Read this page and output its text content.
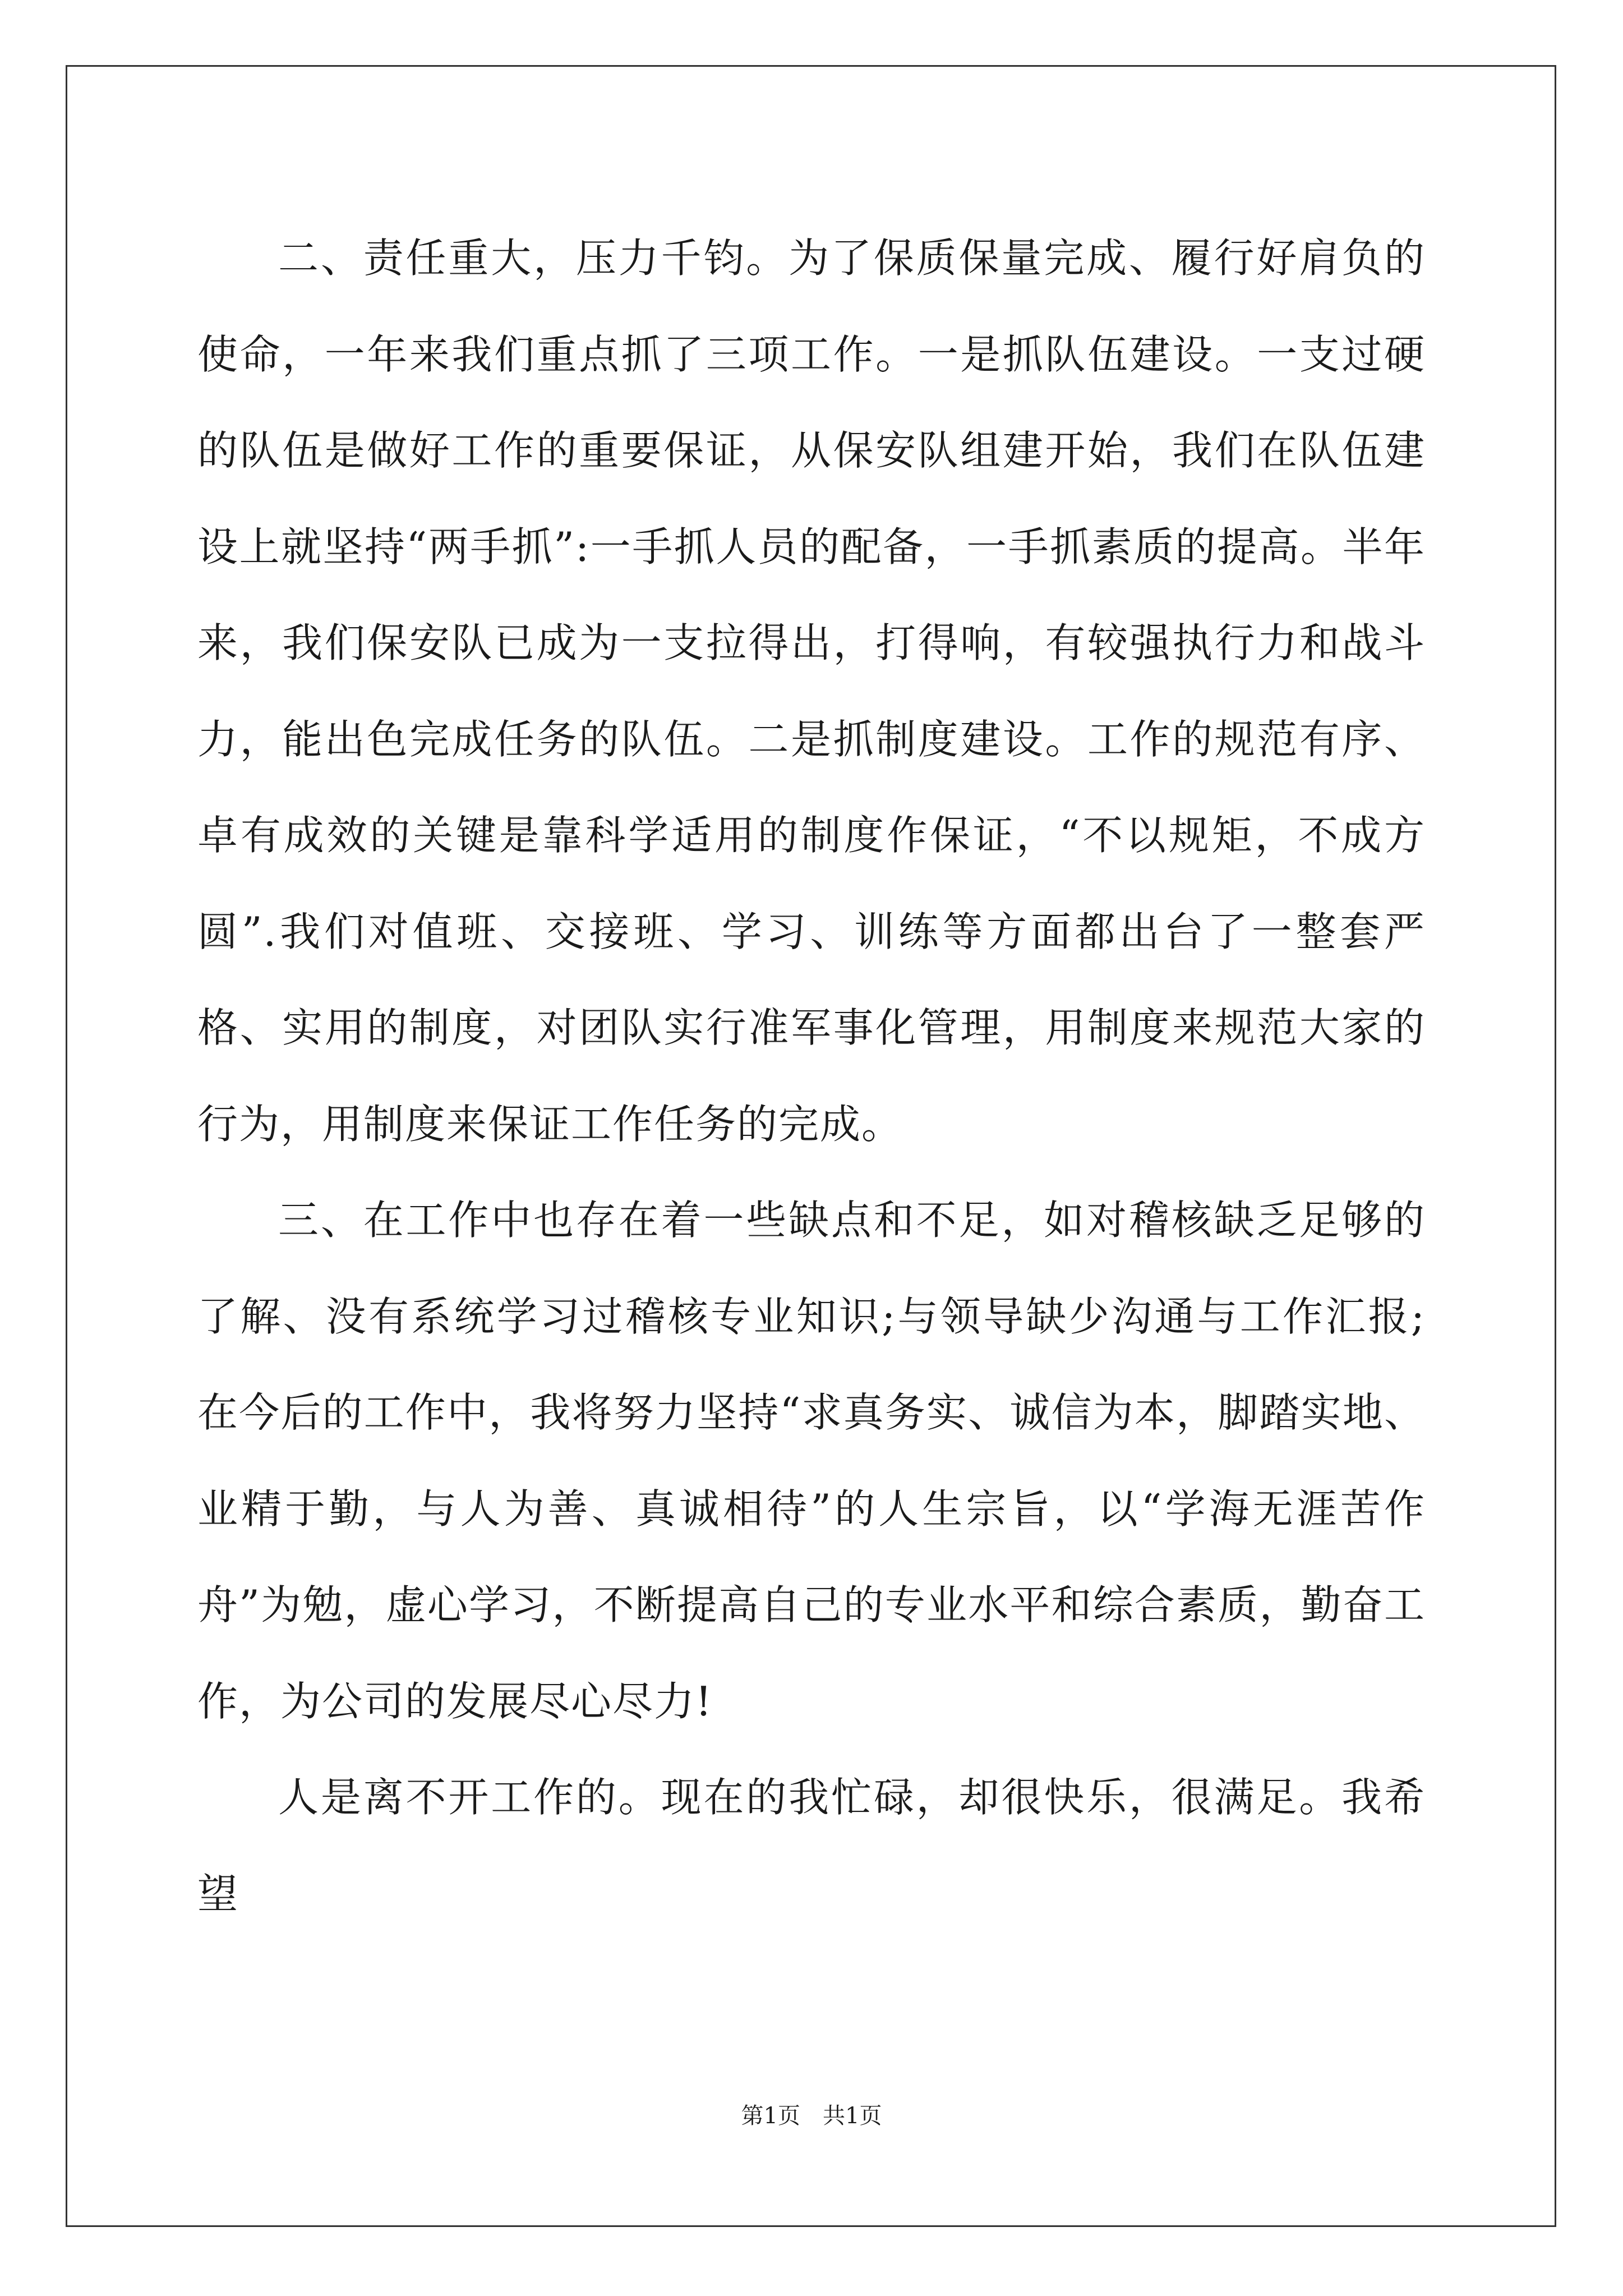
二、责任重大，压力千钧。为了保质保量完成、履行好肩负的使命，一年来我们重点抓了三项工作。一是抓队伍建设。一支过硬的队伍是做好工作的重要保证，从保安队组建开始，我们在队伍建设上就坚持“两手抓”:一手抓人员的配备，一手抓素质的提高。半年来，我们保安队已成为一支拉得出，打得响，有较强执行力和战斗力，能出色完成任务的队伍。二是抓制度建设。工作的规范有序、卓有成效的关键是靠科学适用的制度作保证，“不以规矩，不成方圆”.我们对值班、交接班、学习、训练等方面都出台了一整套严格、实用的制度，对团队实行准军事化管理，用制度来规范大家的行为，用制度来保证工作任务的完成。

三、在工作中也存在着一些缺点和不足，如对稽核缺乏足够的了解、没有系统学习过稽核专业知识;与领导缺少沟通与工作汇报;在今后的工作中，我将努力坚持“求真务实、诚信为本，脚踏实地、业精于勤，与人为善、真诚相待”的人生宗旨，以“学海无涯苦作舟”为勉，虚心学习，不断提高自己的专业水平和综合素质，勤奋工作，为公司的发展尽心尽力!

人是离不开工作的。现在的我忙碌，却很快乐，很满足。我希望

第1页　共1页
